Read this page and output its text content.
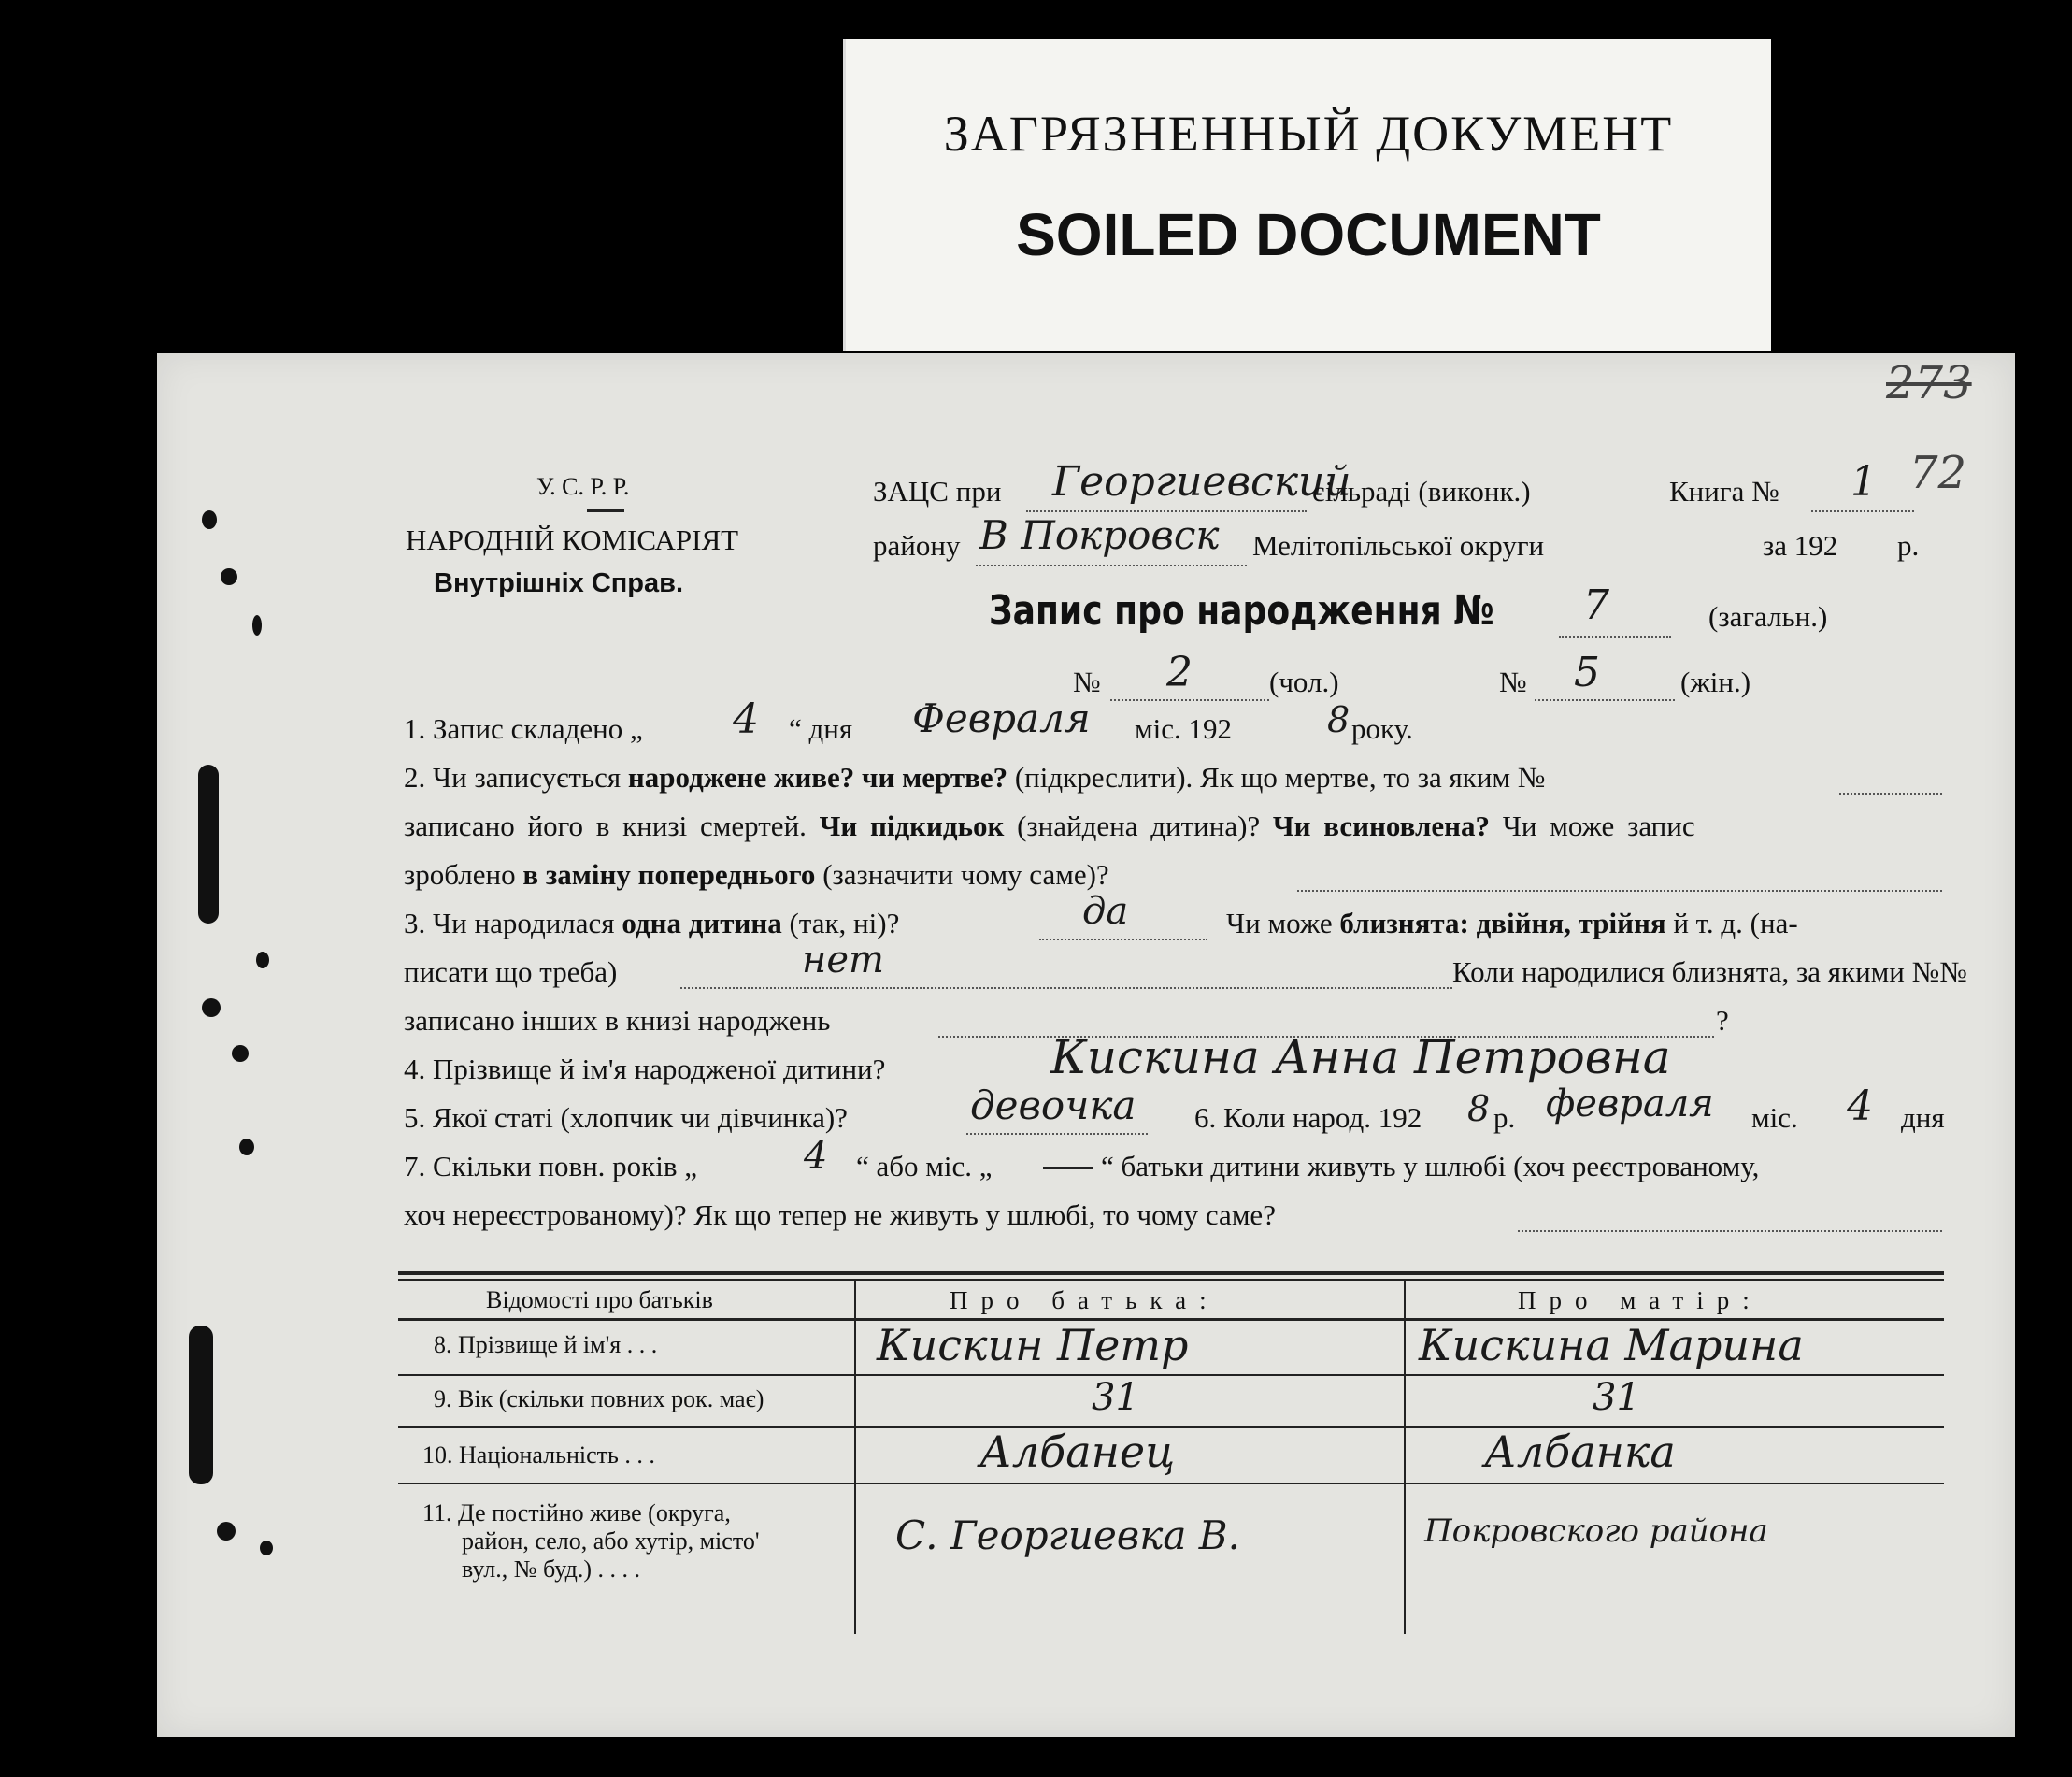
ЗАГРЯЗНЕННЫЙ ДОКУМЕНТ
SOILED DOCUMENT
273
72
У. С. Р. Р.
НАРОДНІЙ КОМІСАРІЯТ
Внутрішніх Справ.
ЗАЦС при Георгиевский
сільраді (виконк.)	Книга № 1
району В Покровск Мелітопільської округи	за 192 р.
Запис про народження № 7	(загальн.)
№ 2	(чол.)	№ 5	(жін.)
1. Запис складено „ 4 “ дня Февраля міс. 192	8 року.
2. Чи записується народжене живе? чи мертве? (підкреслити). Як що мертве, то за яким №
записано його в книзі смертей. Чи підкидьок (знайдена дитина)? Чи всиновлена? Чи може запис
зроблено в заміну попереднього (зазначити чому саме)?
3. Чи народилася одна дитина (так, ні)?	да	Чи може близнята: двійня, трійня й т. д. (на-
писати що треба)	нет	Коли народилися близнята, за якими №№
записано інших в книзі народжень	?
4. Прізвище й ім'я народженої дитини?	Кискина Анна Петровна
5. Якої статі (хлопчик чи дівчинка)?	девочка 6. Коли народ. 192 8 р. февраля міс. 4 дня
7. Скільки повн. років „	4 “ або міс. „	“ батьки дитини живуть у шлюбі (хоч реєстрованому,
хоч нереєстрованому)? Як що тепер не живуть у шлюбі, то чому саме?
Відомості про батьків	Про батька:	Про матір:
8. Прізвище й ім'я . . .	Кискин Петр	Кискина Марина
9. Вік (скільки повних рок. має)	31	31
10. Національність . . .	Албанец	Албанка
11. Де постійно живе (округа,
район, село, або хутір, місто'
вул., № буд.) . . . .
С. Георгиевка В.	Покровского района
